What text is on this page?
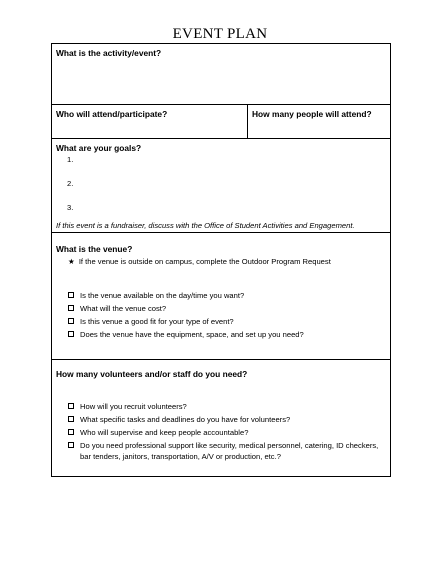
EVENT PLAN
What is the activity/event?
Who will attend/participate?	How many people will attend?
What are your goals?
1.
2.
3.
If this event is a fundraiser, discuss with the Office of Student Activities and Engagement.
What is the venue?
★ If the venue is outside on campus, complete the Outdoor Program Request
Is the venue available on the day/time you want?
What will the venue cost?
Is this venue a good fit for your type of event?
Does the venue have the equipment, space, and set up you need?
How many volunteers and/or staff do you need?
How will you recruit volunteers?
What specific tasks and deadlines do you have for volunteers?
Who will supervise and keep people accountable?
Do you need professional support like security, medical personnel, catering, ID checkers,
bar tenders, janitors, transportation, A/V or production, etc.?
